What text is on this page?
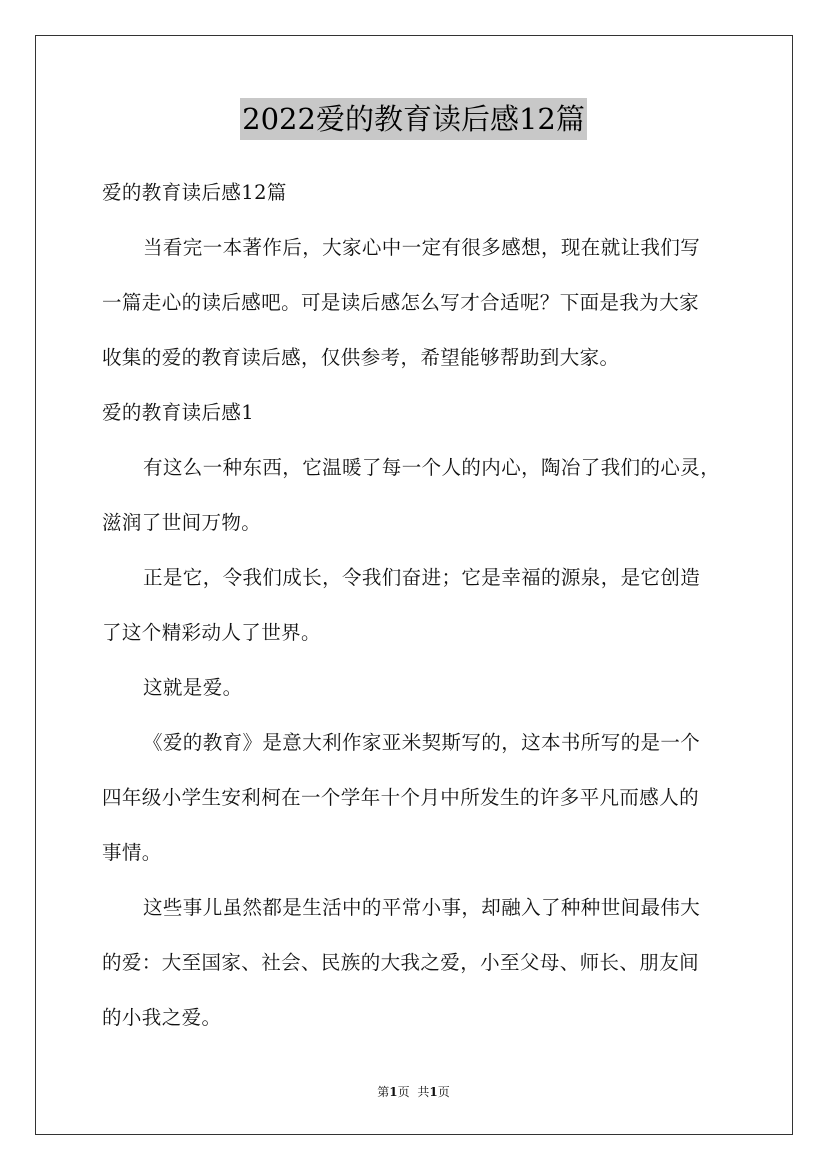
2022爱的教育读后感12篇
爱的教育读后感12篇
当看完一本著作后，大家心中一定有很多感想，现在就让我们写
一篇走心的读后感吧。可是读后感怎么写才合适呢？下面是我为大家
收集的爱的教育读后感，仅供参考，希望能够帮助到大家。
爱的教育读后感1
有这么一种东西，它温暖了每一个人的内心，陶冶了我们的心灵，
滋润了世间万物。
正是它，令我们成长，令我们奋进；它是幸福的源泉，是它创造
了这个精彩动人了世界。
这就是爱。
《爱的教育》是意大利作家亚米契斯写的，这本书所写的是一个
四年级小学生安利柯在一个学年十个月中所发生的许多平凡而感人的
事情。
这些事儿虽然都是生活中的平常小事，却融入了种种世间最伟大
的爱：大至国家、社会、民族的大我之爱，小至父母、师长、朋友间
的小我之爱。
第1页 共1页
